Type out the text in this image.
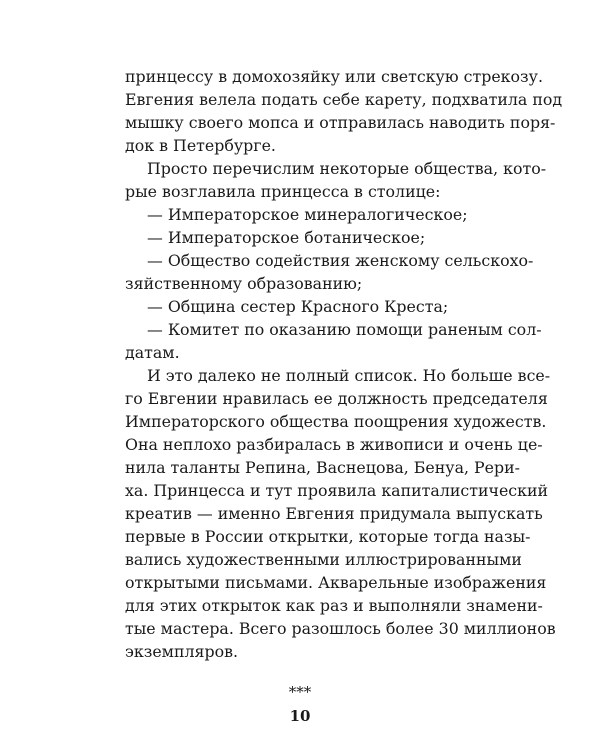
принцессу в домохозяйку или светскую стрекозу.
Евгения велела подать себе карету, подхватила под
мышку своего мопса и отправилась наводить поря-
док в Петербурге.
Просто перечислим некоторые общества, кото-
рые возглавила принцесса в столице:
— Императорское минералогическое;
— Императорское ботаническое;
— Общество содействия женскому сельскохо-
зяйственному образованию;
— Община сестер Красного Креста;
— Комитет по оказанию помощи раненым сол-
датам.
И это далеко не полный список. Но больше все-
го Евгении нравилась ее должность председателя
Императорского общества поощрения художеств.
Она неплохо разбиралась в живописи и очень це-
нила таланты Репина, Васнецова, Бенуа, Рери-
ха. Принцесса и тут проявила капиталистический
креатив — именно Евгения придумала выпускать
первые в России открытки, которые тогда назы-
вались художественными иллюстрированными
открытыми письмами. Акварельные изображения
для этих открыток как раз и выполняли знамени-
тые мастера. Всего разошлось более 30 миллионов
экземпляров.
***
10
